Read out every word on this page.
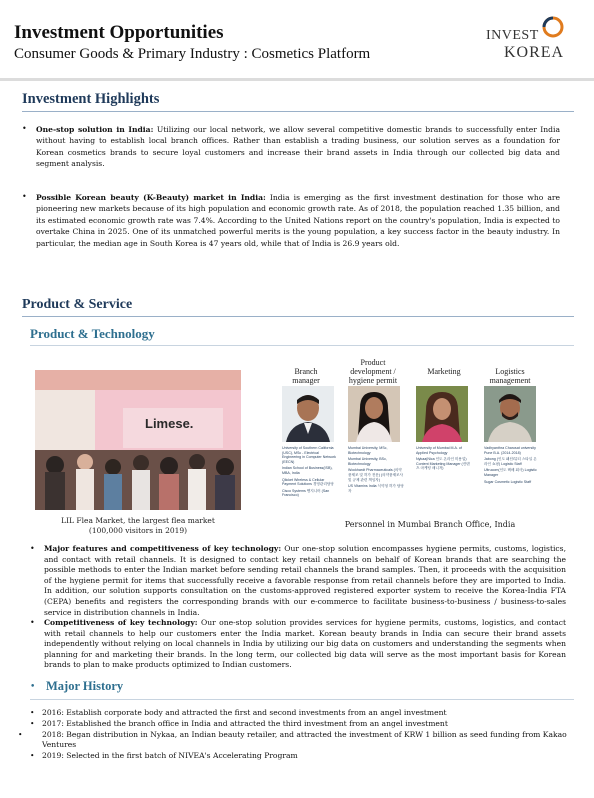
Investment Opportunities
Consumer Goods & Primary Industry : Cosmetics Platform
INVEST
KOREA
Investment Highlights
• One-stop solution in India: Utilizing our local network, we allow several competitive domestic brands to successfully enter India without having to establish local branch offices. Rather than establish a trading business, our solution serves as a foundation for Korean cosmetics brands to secure loyal customers and increase their brand assets in India through our collected big data and segment analysis.
• Possible Korean beauty (K-Beauty) market in India: India is emerging as the first investment destination for those who are pioneering new markets because of its high population and economic growth rate. As of 2018, the population reached 1.35 billion, and its estimated economic growth rate was 7.4%. According to the United Nations report on the country's population, India is expected to overtake China in 2025. One of its unmatched powerful merits is the young population, a key success factor in the beauty industry. In particular, the median age in South Korea is 47 years old, while that of India is 26.9 years old.
Product & Service
Product & Technology
Limese.
LIL Flea Market, the largest flea market
(100,000 visitors in 2019)
Branch
manager
Product
development /
hygiene permit
Marketing	Logistics
management
University of Southern California (USC), MSc - Electrical Engineering in Computer Network (EECN)
Indian School of Business(ISB), MBA, India
Qlicket Wireless & Cellular Payment Solutions 경영관리담당
Cisco Systems 엔지니어 (San Francisco)
Mumbai University, MSc, Biotechnology
Mumbai University, BSc, Biotechnology
Wockhardt Pharmaceuticals (의약품제조 및 허가 전문) (의약품제조사 및 규제 관련 책임자)
US Vitamins India 식약청 허가 담당자
University of Mumbai M.A. of Applied Psychology
Nykaa(Nica 인도 온라인 미용업) Content Marketing Manager (컨텐츠 마케팅 매니저)
Vadhyanthra Charusat university Pune B.A. (2014-2018)
Jabong (인도 패션/뷰티 스타일 온라인 쇼핑) Logistic Staff
Ultrucom(인도 택배 회사) Logistic Manager
Sugar Cosmetic Logistic Staff
Personnel in Mumbai Branch Office, India
• Major features and competitiveness of key technology: Our one-stop solution encompasses hygiene permits, customs, logistics, and contact with retail channels. It is designed to contact key retail channels on behalf of Korean brands that are searching the possible methods to enter the Indian market before sending retail channels the brand samples. Then, it proceeds with the acquisition of the hygiene permit for items that successfully receive a favorable response from retail channels before they are imported to India. In addition, our solution supports consultation on the customs-approved registered exporter system to receive the Korea-India FTA (CEPA) benefits and registers the corresponding brands with our e-commerce to facilitate business-to-business / business-to-sales service in distribution channels in India.
• Competitiveness of key technology: Our one-stop solution provides services for hygiene permits, customs, logistics, and contact with retail channels to help our customers enter the India market. Korean beauty brands in India can secure their brand assets independently without relying on local channels in India by utilizing our big data on customers and understanding the segments when planning for and marketing their brands. In the long term, our collected big data will serve as the most important basis for Korean brands to plan to make products optimized to Indian customers.
• Major History
• 2016: Establish corporate body and attracted the first and second investments from an angel investment
• 2017: Established the branch office in India and attracted the third investment from an angel investment
•	2018: Began distribution in Nykaa, an Indian beauty retailer, and attracted the investment of KRW 1 billion as seed funding from Kakao Ventures
• 2019: Selected in the first batch of NIVEA's Accelerating Program
